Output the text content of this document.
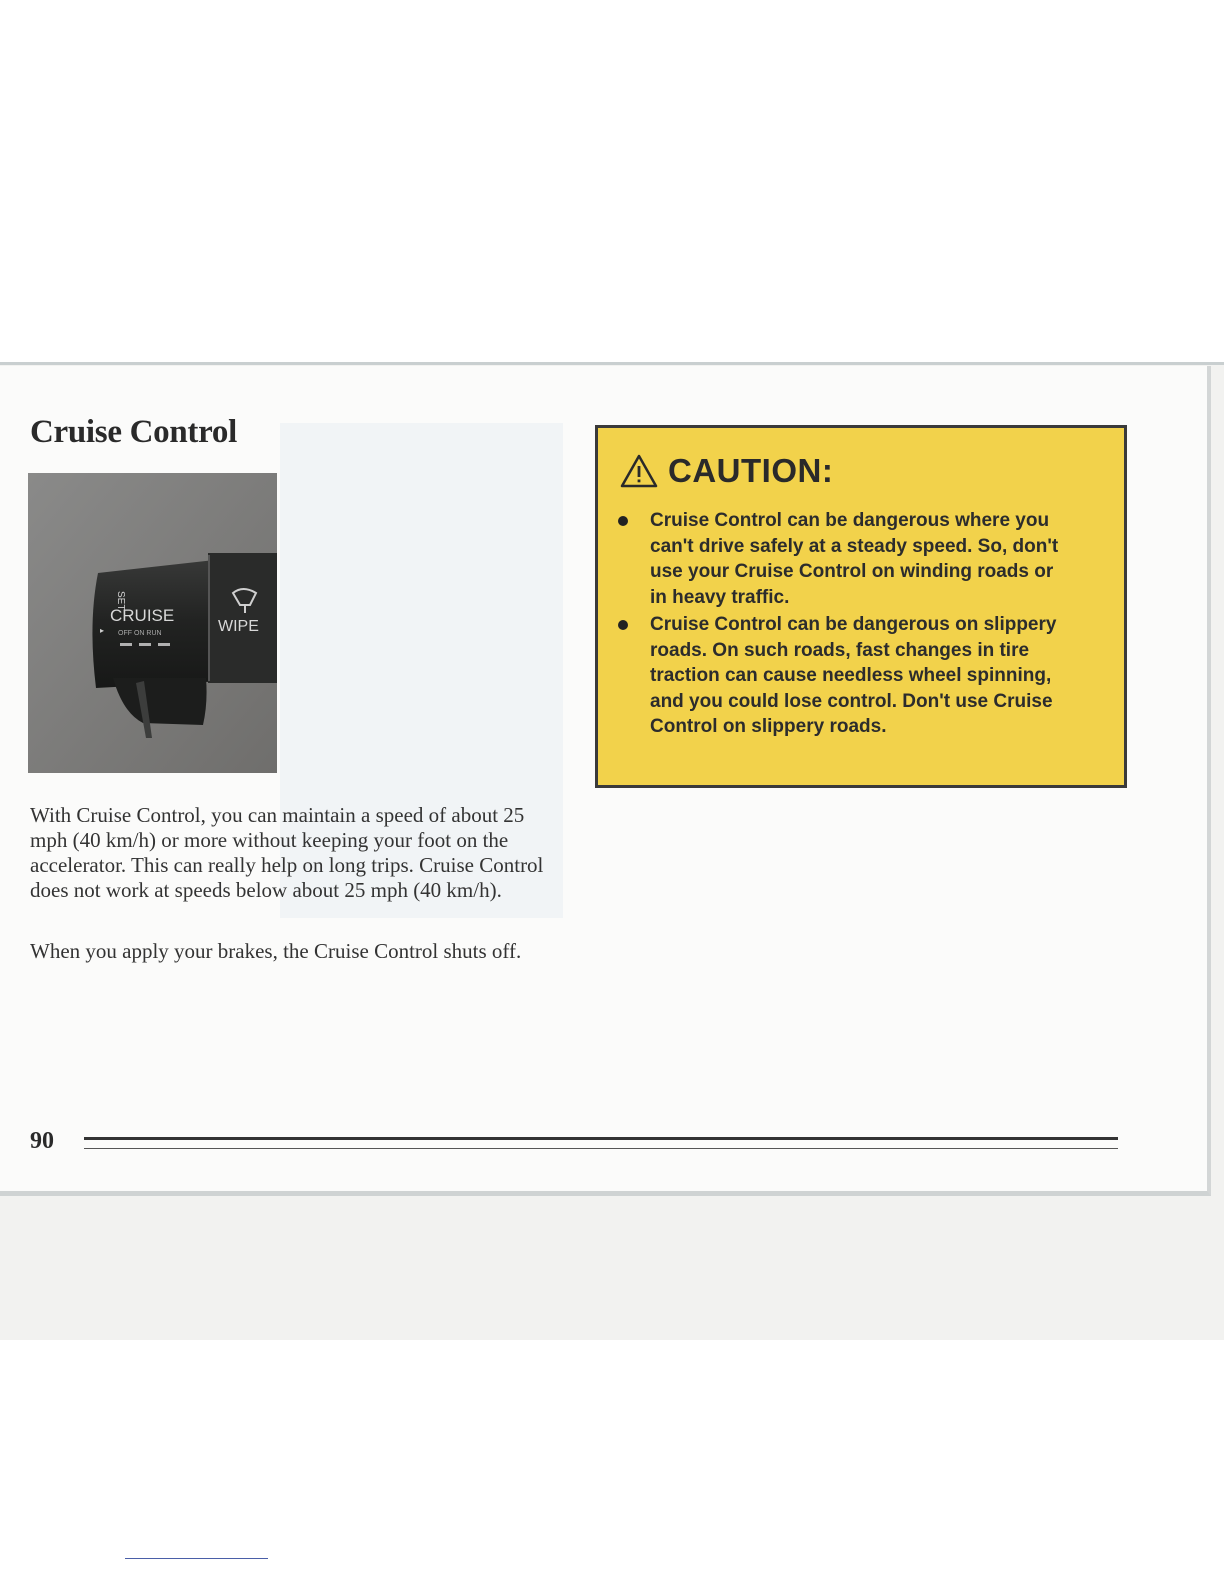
Cruise Control
▸
CRUISE
OFF ON RUN
SET
WIPE

With Cruise Control, you can maintain a speed of about 25 mph (40 km/h) or more without keeping your foot on the accelerator. This can really help on long trips. Cruise Control does not work at speeds below about 25 mph (40 km/h).

When you apply your brakes, the Cruise Control shuts off.

CAUTION:
Cruise Control can be dangerous where you can't drive safely at a steady speed. So, don't use your Cruise Control on winding roads or in heavy traffic.
Cruise Control can be dangerous on slippery roads. On such roads, fast changes in tire traction can cause needless wheel spinning, and you could lose control. Don't use Cruise Control on slippery roads.
90
